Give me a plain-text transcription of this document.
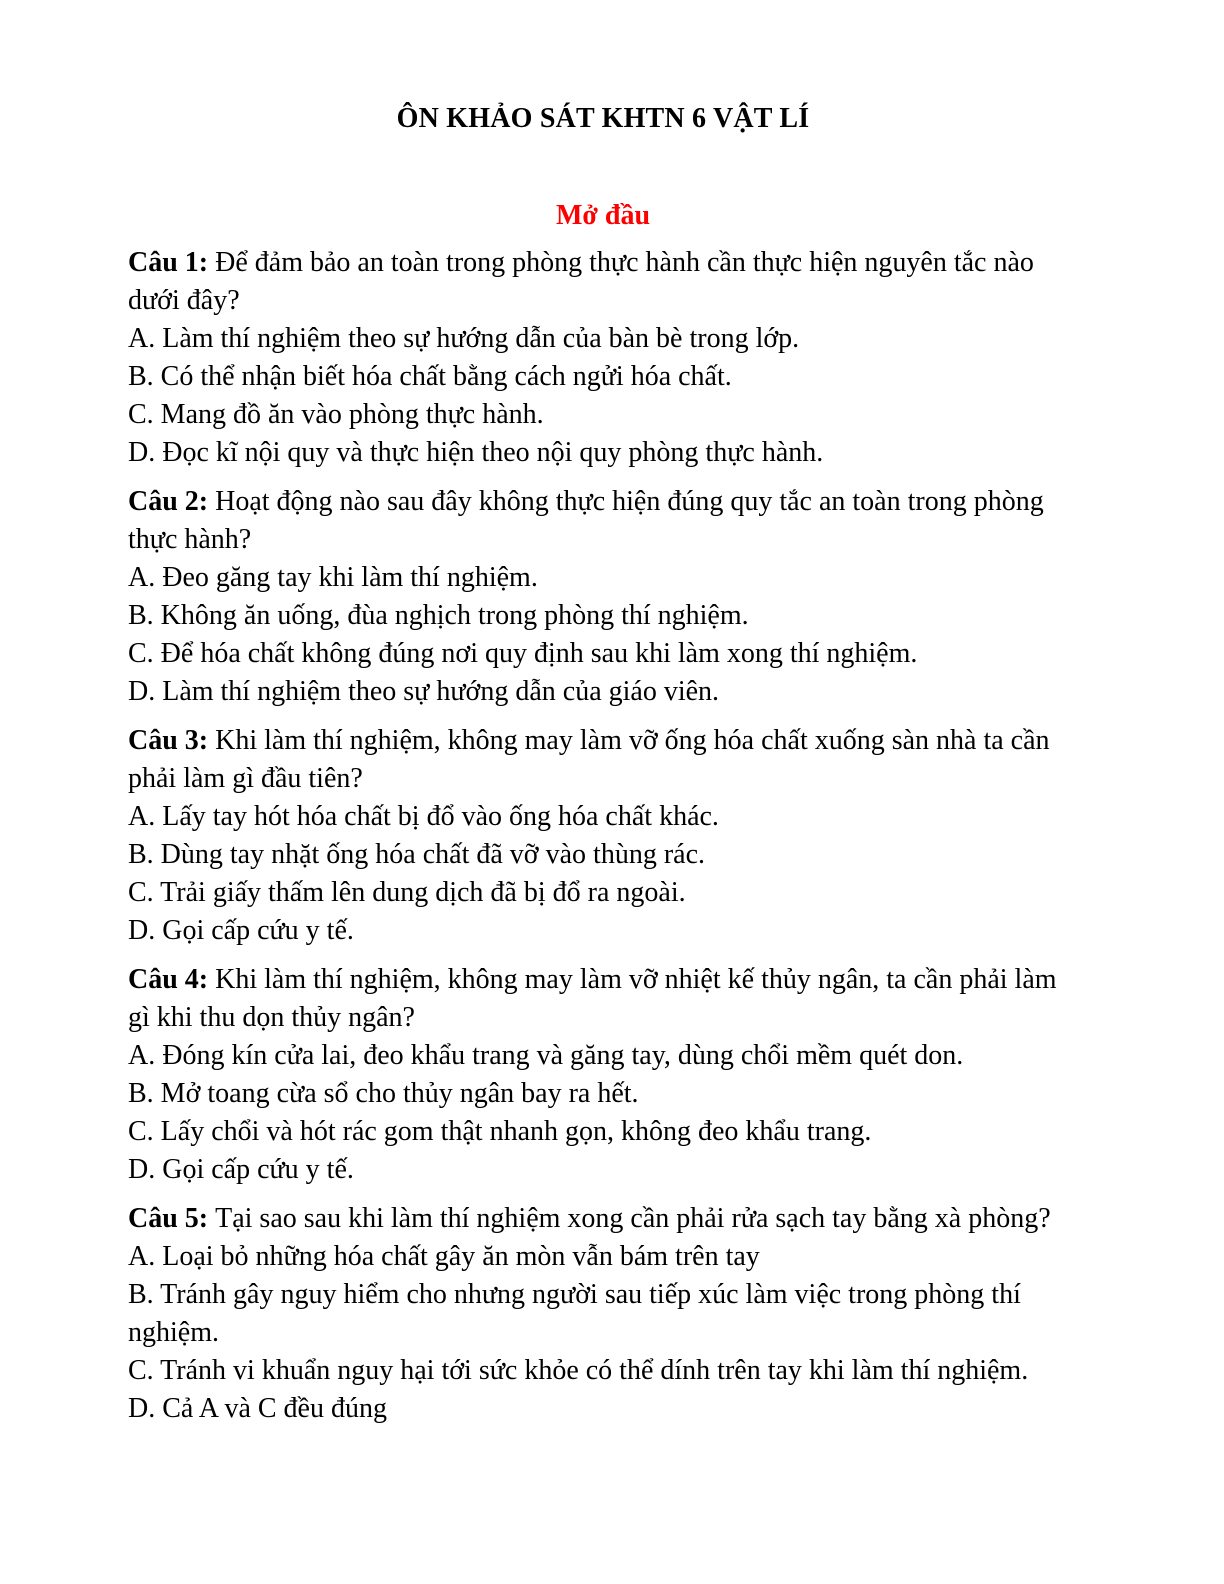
ÔN KHẢO SÁT KHTN 6 VẬT LÍ
Mở đầu

Câu 1: Để đảm bảo an toàn trong phòng thực hành cần thực hiện nguyên tắc nào dưới đây?

A. Làm thí nghiệm theo sự hướng dẫn của bàn bè trong lớp.

B. Có thể nhận biết hóa chất bằng cách ngửi hóa chất.

C. Mang đồ ăn vào phòng thực hành.

D. Đọc kĩ nội quy và thực hiện theo nội quy phòng thực hành.

Câu 2: Hoạt động nào sau đây không thực hiện đúng quy tắc an toàn trong phòng thực hành?

A. Đeo găng tay khi làm thí nghiệm.

B. Không ăn uống, đùa nghịch trong phòng thí nghiệm.

C. Để hóa chất không đúng nơi quy định sau khi làm xong thí nghiệm.

D. Làm thí nghiệm theo sự hướng dẫn của giáo viên.

Câu 3: Khi làm thí nghiệm, không may làm vỡ ống hóa chất xuống sàn nhà ta cần phải làm gì đầu tiên?

A. Lấy tay hót hóa chất bị đổ vào ống hóa chất khác.

B. Dùng tay nhặt ống hóa chất đã vỡ vào thùng rác.

C. Trải giấy thấm lên dung dịch đã bị đổ ra ngoài.

D. Gọi cấp cứu y tế.

Câu 4: Khi làm thí nghiệm, không may làm vỡ nhiệt kế thủy ngân, ta cần phải làm gì khi thu dọn thủy ngân?

A. Đóng kín cửa lai, đeo khẩu trang và găng tay, dùng chổi mềm quét don.

B. Mở toang cừa sổ cho thủy ngân bay ra hết.

C. Lấy chổi và hót rác gom thật nhanh gọn, không đeo khẩu trang.

D. Gọi cấp cứu y tế.

Câu 5: Tại sao sau khi làm thí nghiệm xong cần phải rửa sạch tay bằng xà phòng?

A. Loại bỏ những hóa chất gây ăn mòn vẫn bám trên tay

B. Tránh gây nguy hiểm cho nhưng người sau tiếp xúc làm việc trong phòng thí nghiệm.

C. Tránh vi khuẩn nguy hại tới sức khỏe có thể dính trên tay khi làm thí nghiệm.

D. Cả A và C đều đúng
